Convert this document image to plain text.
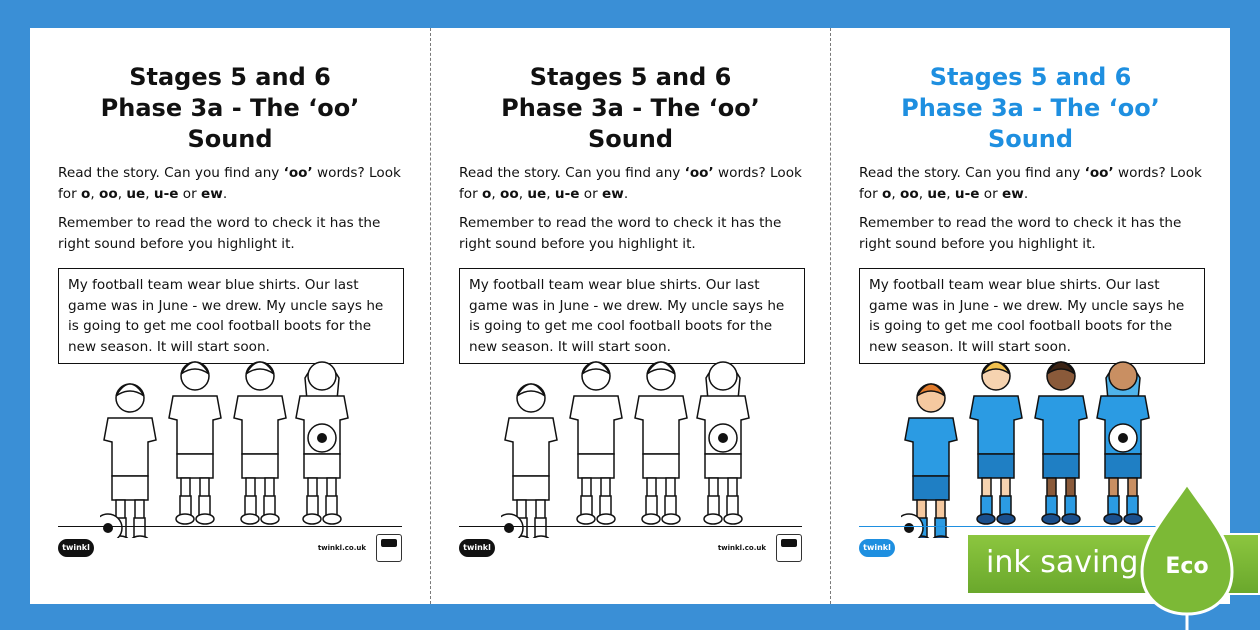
Stages 5 and 6
Phase 3a - The ‘oo’ Sound
Read the story. Can you find any ‘oo’ words? Look for o, oo, ue, u-e or ew.
Remember to read the word to check it has the right sound before you highlight it.
My football team wear blue shirts. Our last game was in June - we drew. My uncle says he is going to get me cool football boots for the new season. It will start soon.
twinkl	twinkl.co.uk
Stages 5 and 6
Phase 3a - The ‘oo’ Sound
Read the story. Can you find any ‘oo’ words? Look for o, oo, ue, u-e or ew.
Remember to read the word to check it has the right sound before you highlight it.
My football team wear blue shirts. Our last game was in June - we drew. My uncle says he is going to get me cool football boots for the new season. It will start soon.
twinkl	twinkl.co.uk
Stages 5 and 6
Phase 3a - The ‘oo’ Sound
Read the story. Can you find any ‘oo’ words? Look for o, oo, ue, u-e or ew.
Remember to read the word to check it has the right sound before you highlight it.
My football team wear blue shirts. Our last game was in June - we drew. My uncle says he is going to get me cool football boots for the new season. It will start soon.
twinkl	ink saving Eco
